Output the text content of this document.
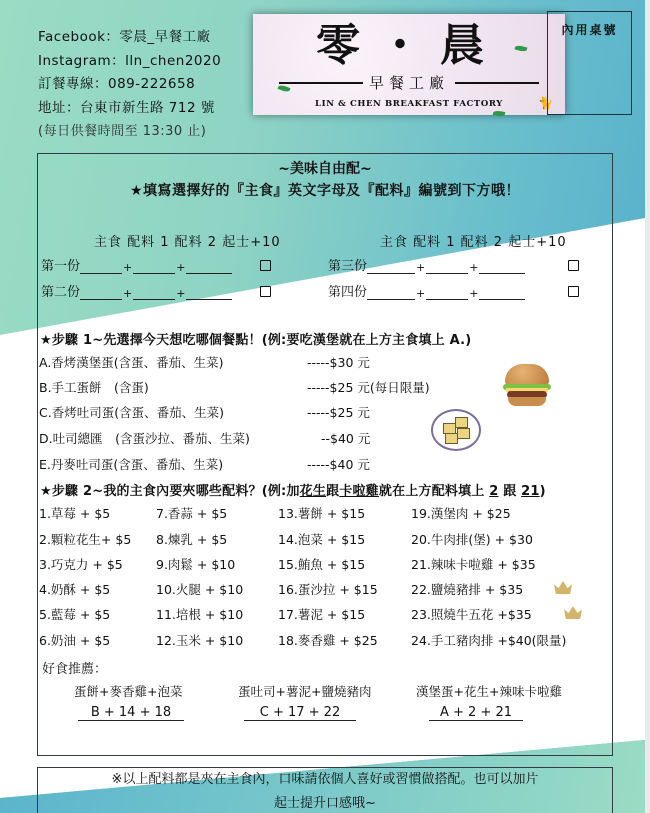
Facebook：零晨_早餐工廠
Instagram：lln_chen2020
訂餐專線：089-222658
地址：台東市新生路 712 號
(每日供餐時間至 13:30 止)
零・晨
早餐工廠
LIN & CHEN BREAKFAST FACTORY	🐈
內用桌號
~美味自由配~
★填寫選擇好的『主食』英文字母及『配料』編號到下方哦！
主食 配料 1 配料 2 起士+10	主食 配料 1 配料 2 起士+10
第一份	+	+
第二份	+	+
第三份	+	+
第四份	+	+
★步驟 1~先選擇今天想吃哪個餐點！(例:要吃漢堡就在上方主食填上 A.)
A.香烤漢堡蛋(含蛋、番茄、生菜)	-----$30 元
B.手工蛋餅　(含蛋)	-----$25 元(每日限量)
C.香烤吐司蛋(含蛋、番茄、生菜)	-----$25 元
D.吐司總匯　(含蛋沙拉、番茄、生菜)	--$40 元
E.丹麥吐司蛋(含蛋、番茄、生菜)	-----$40 元
★步驟 2~我的主食內要夾哪些配料？(例:加花生跟卡啦雞就在上方配料填上 2 跟 21)
1.草莓 + $5	7.香蒜 + $5	13.薯餅 + $15	19.漢堡肉 + $25
2.顆粒花生+ $5 8.煉乳 + $5	14.泡菜 + $15	20.牛肉排(堡) + $30
3.巧克力 + $5	9.肉鬆 + $10	15.鮪魚 + $15	21.辣味卡啦雞 + $35
4.奶酥 + $5	10.火腿 + $10	16.蛋沙拉 + $15	22.鹽燒豬排 + $35
5.藍莓 + $5	11.培根 + $10	17.薯泥 + $15	23.照燒牛五花 +$35
6.奶油 + $5	12.玉米 + $10	18.麥香雞 + $25	24.手工豬肉排 +$40(限量)
好食推薦：
蛋餅+麥香雞+泡菜	蛋吐司+薯泥+鹽燒豬肉	漢堡蛋+花生+辣味卡啦雞
B + 14 + 18	C + 17 + 22	A + 2 + 21
※以上配料都是夾在主食內，口味請依個人喜好或習慣做搭配。也可以加片
起士提升口感哦~
